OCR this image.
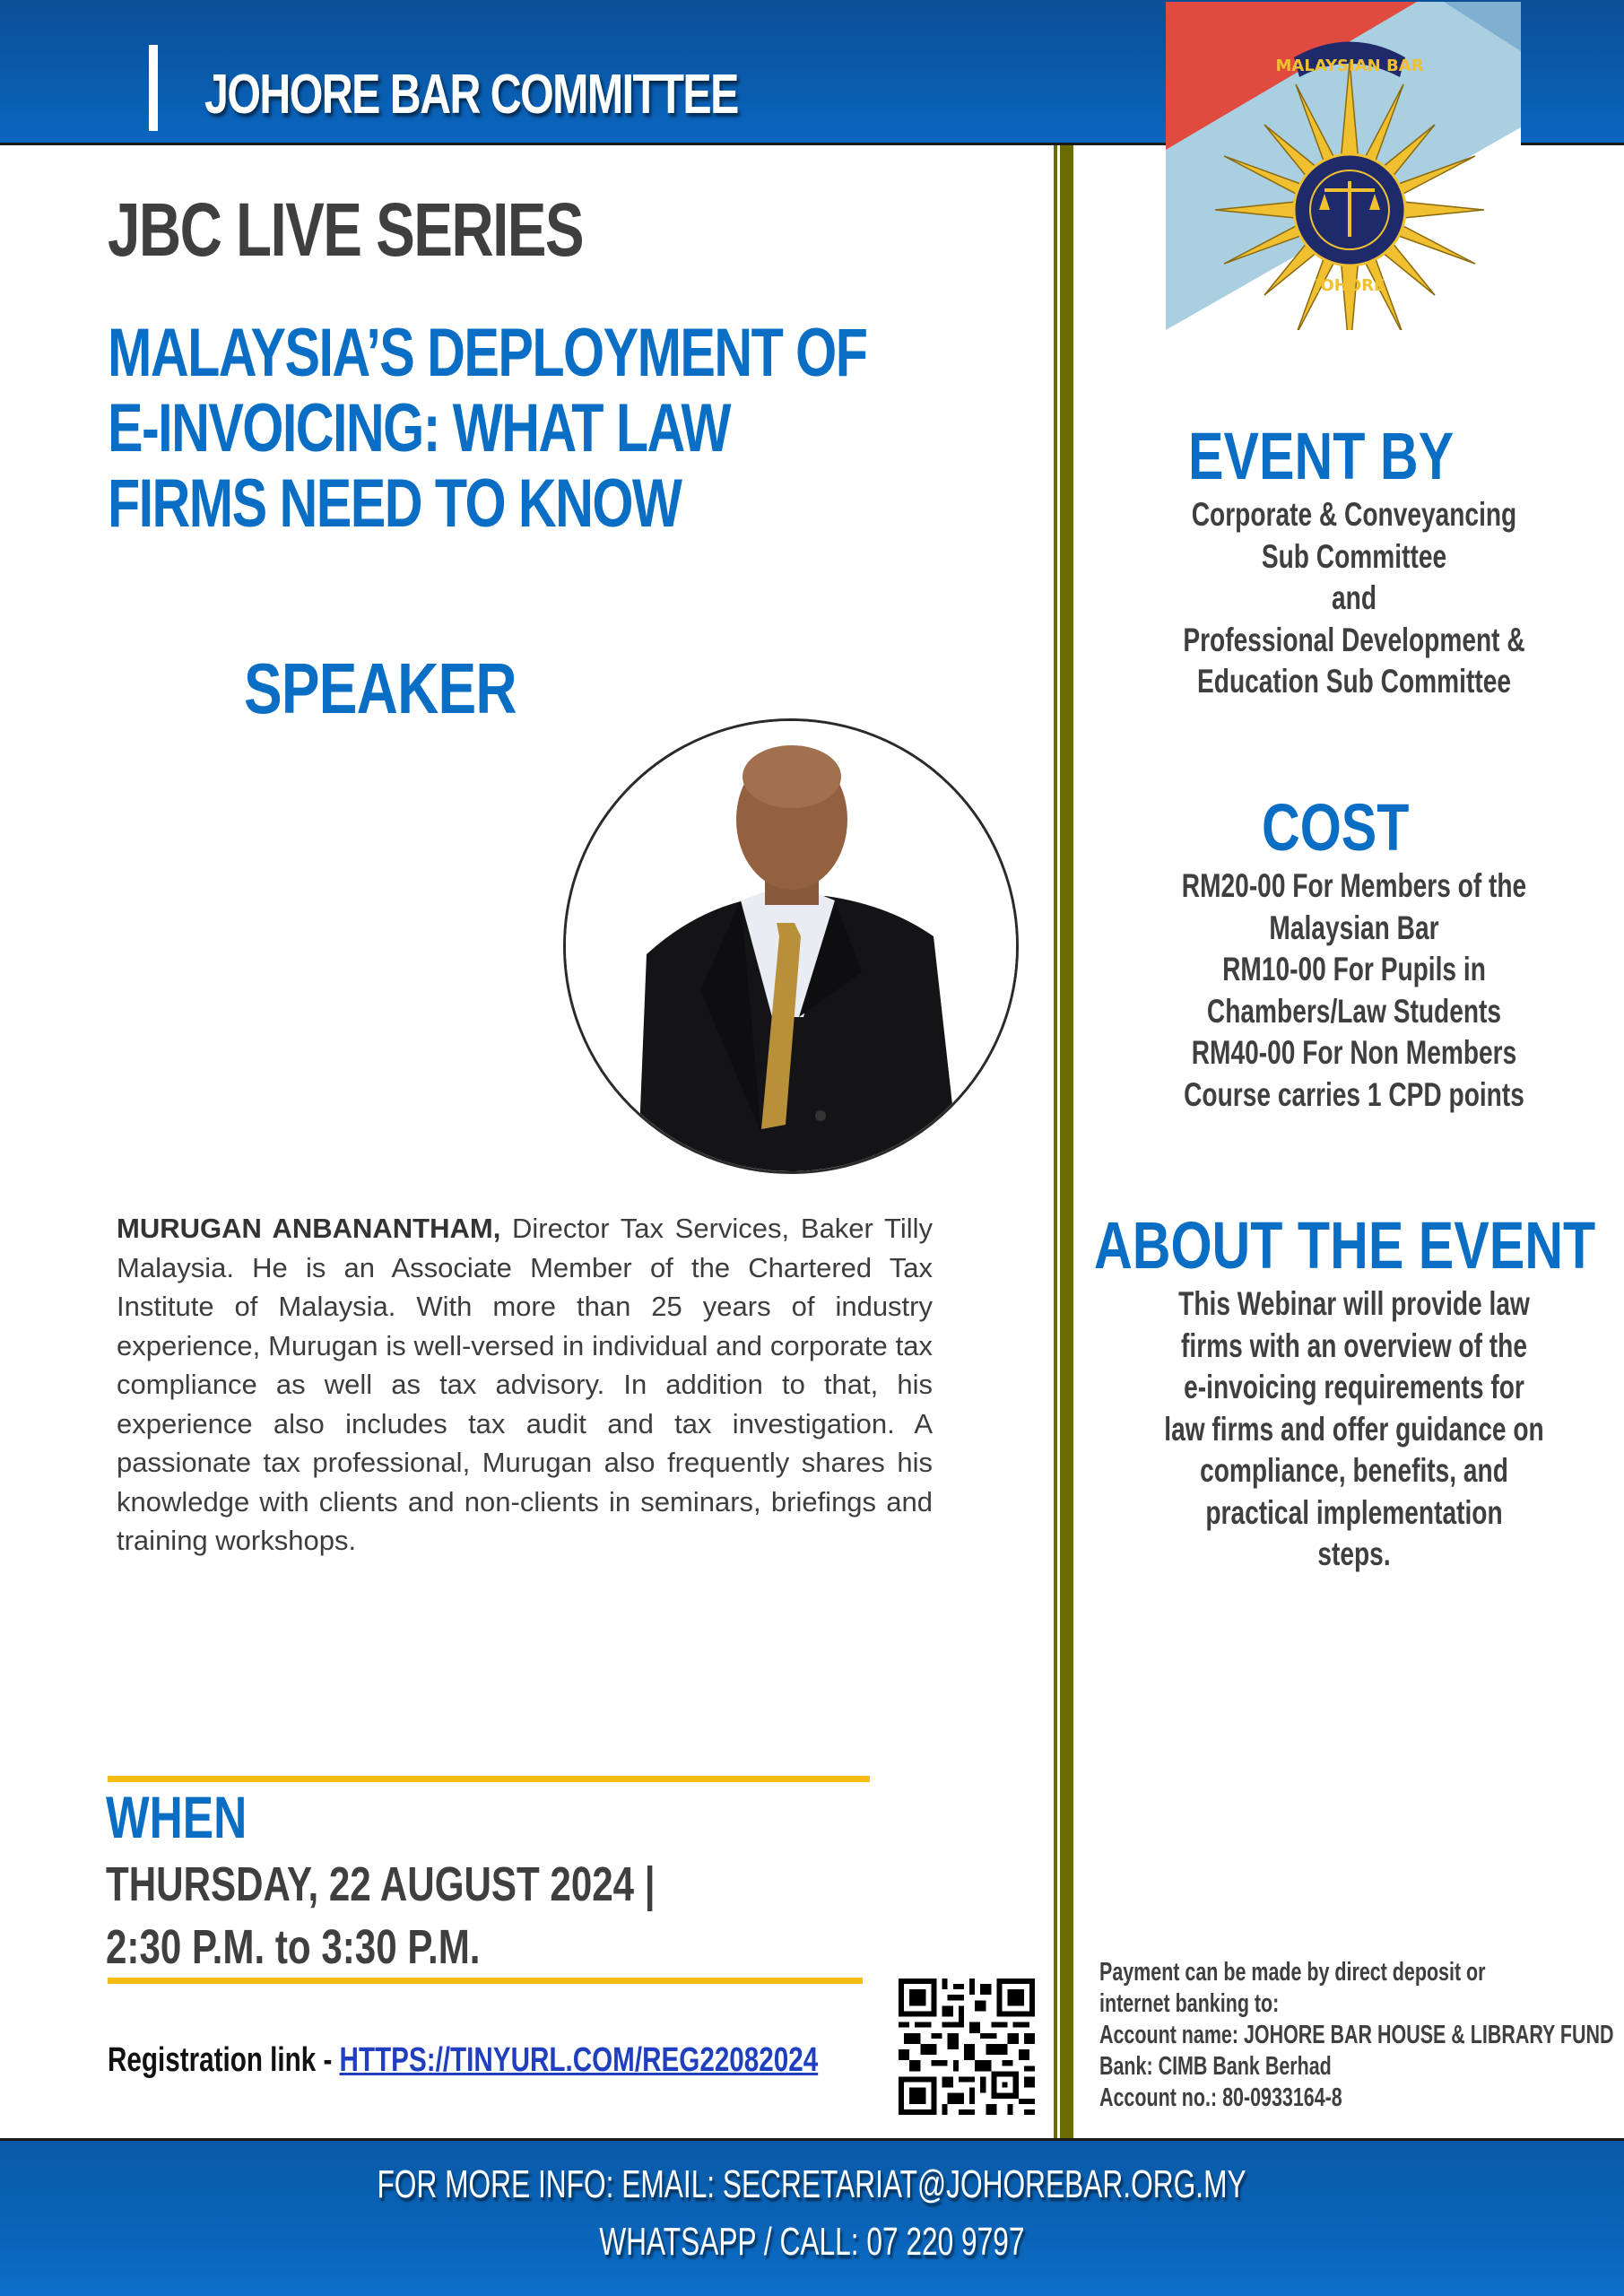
JOHORE BAR COMMITTEE	MALAYSIAN BAR
JOHORE
JBC LIVE SERIES
MALAYSIA’S DEPLOYMENT OF
E-INVOICING: WHAT LAW
FIRMS NEED TO KNOW
SPEAKER
MURUGAN ANBANANTHAM, Director Tax Services, Baker Tilly Malaysia. He is an Associate Member of the Chartered Tax Institute of Malaysia. With more than 25 years of industry experience, Murugan is well-versed in individual and corporate tax compliance as well as tax advisory. In addition to that, his experience also includes tax audit and tax investigation. A passionate tax professional, Murugan also frequently shares his knowledge with clients and non-clients in seminars, briefings and training workshops.
WHEN
THURSDAY, 22 AUGUST 2024 |
2:30 P.M. to 3:30 P.M.
Registration link - HTTPS://TINYURL.COM/REG22082024
EVENT BY
Corporate & Conveyancing
Sub Committee
and
Professional Development &
Education Sub Committee
COST
RM20-00 For Members of the
Malaysian Bar
RM10-00 For Pupils in
Chambers/Law Students
RM40-00 For Non Members
Course carries 1 CPD points
ABOUT THE EVENT
This Webinar will provide law
firms with an overview of the
e-invoicing requirements for
law firms and offer guidance on
compliance, benefits, and
practical implementation
steps.
Payment can be made by direct deposit or
internet banking to:
Account name: JOHORE BAR HOUSE & LIBRARY FUND
Bank: CIMB Bank Berhad
Account no.: 80-0933164-8
FOR MORE INFO: EMAIL: SECRETARIAT@JOHOREBAR.ORG.MY
WHATSAPP / CALL: 07 220 9797
